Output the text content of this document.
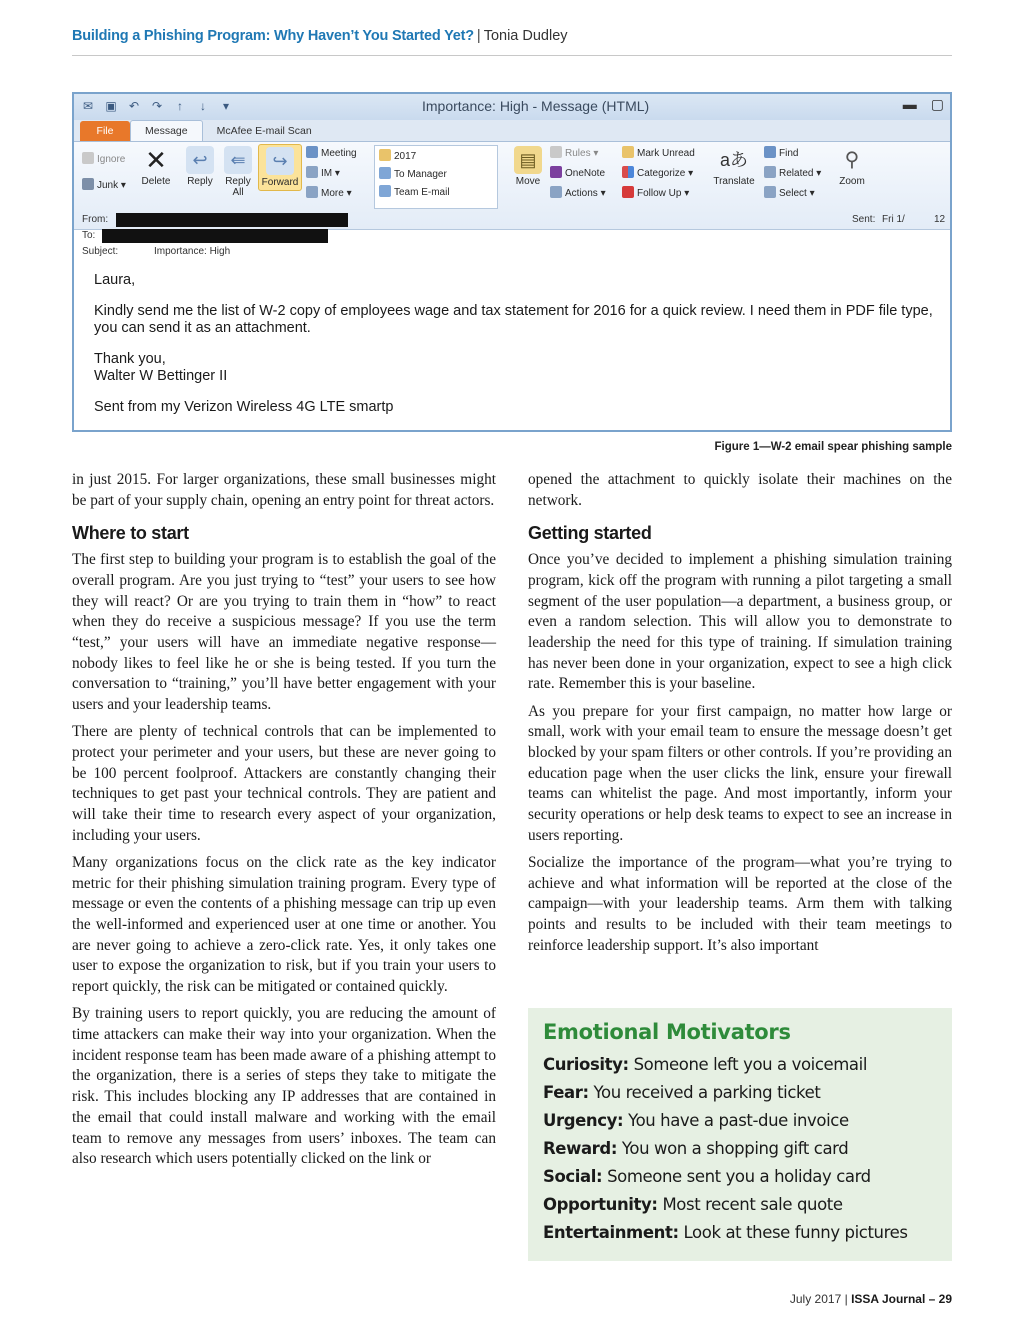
Building a Phishing Program: Why Haven’t You Started Yet? | Tonia Dudley
✉ ▣ ↶ ↷	↑	↓	▾	Importance: High - Message (HTML)	▬ ▢
File	Message	McAfee E-mail Scan
Ignore
Junk ▾
✕
Delete
↩
Reply
⇚
Reply All
↪
Forward
Meeting
IM ▾
More ▾
2017
To Manager
Team E-mail
▤
Move
Rules ▾
OneNote
Actions ▾
Mark Unread
Categorize ▾
Follow Up ▾
aあ
Translate
Find
Related ▾
Select ▾
⚲
Zoom
From:	Sent: Fri 1/	12
To:
Subject:	Importance: High

Laura,

Kindly send me the list of W-2 copy of employees wage and tax statement for 2016 for a quick review. I need them in PDF file type, you can send it as an attachment.

Thank you,
Walter W Bettinger II

Sent from my Verizon Wireless 4G LTE smartp

Figure 1—W-2 email spear phishing sample

in just 2015. For larger organizations, these small businesses might be part of your supply chain, opening an entry point for threat actors.

Where to start

The first step to building your program is to establish the goal of the overall program. Are you just trying to “test” your users to see how they will react? Or are you trying to train them in “how” to react when they do receive a suspicious message? If you use the term “test,” your users will have an immediate negative response—nobody likes to feel like he or she is being tested. If you turn the conversation to “training,” you’ll have better engagement with your users and your leadership teams.

There are plenty of technical controls that can be implemented to protect your perimeter and your users, but these are never going to be 100 percent foolproof. Attackers are constantly changing their techniques to get past your technical controls. They are patient and will take their time to research every aspect of your organization, including your users.

Many organizations focus on the click rate as the key indicator metric for their phishing simulation training program. Every type of message or even the contents of a phishing message can trip up even the well-informed and experienced user at one time or another. You are never going to achieve a zero-click rate. Yes, it only takes one user to expose the organization to risk, but if you train your users to report quickly, the risk can be mitigated or contained quickly.

By training users to report quickly, you are reducing the amount of time attackers can make their way into your organization. When the incident response team has been made aware of a phishing attempt to the organization, there is a series of steps they take to mitigate the risk. This includes blocking any IP addresses that are contained in the email that could install malware and working with the email team to remove any messages from users’ inboxes. The team can also research which users potentially clicked on the link or

opened the attachment to quickly isolate their machines on the network.

Getting started

Once you’ve decided to implement a phishing simulation training program, kick off the program with running a pilot targeting a small segment of the user population—a department, a business group, or even a random selection. This will allow you to demonstrate to leadership the need for this type of training. If simulation training has never been done in your organization, expect to see a high click rate. Remember this is your baseline.

As you prepare for your first campaign, no matter how large or small, work with your email team to ensure the message doesn’t get blocked by your spam filters or other controls. If you’re providing an education page when the user clicks the link, ensure your firewall teams can whitelist the page. And most importantly, inform your security operations or help desk teams to expect to see an increase in users reporting.

Socialize the importance of the program—what you’re trying to achieve and what information will be reported at the close of the campaign—with your leadership teams. Arm them with talking points and results to be included with their team meetings to reinforce leadership support. It’s also important

Emotional Motivators
Curiosity: Someone left you a voicemail
Fear: You received a parking ticket
Urgency: You have a past-due invoice
Reward: You won a shopping gift card
Social: Someone sent you a holiday card
Opportunity: Most recent sale quote
Entertainment: Look at these funny pictures
July 2017 | ISSA Journal – 29
